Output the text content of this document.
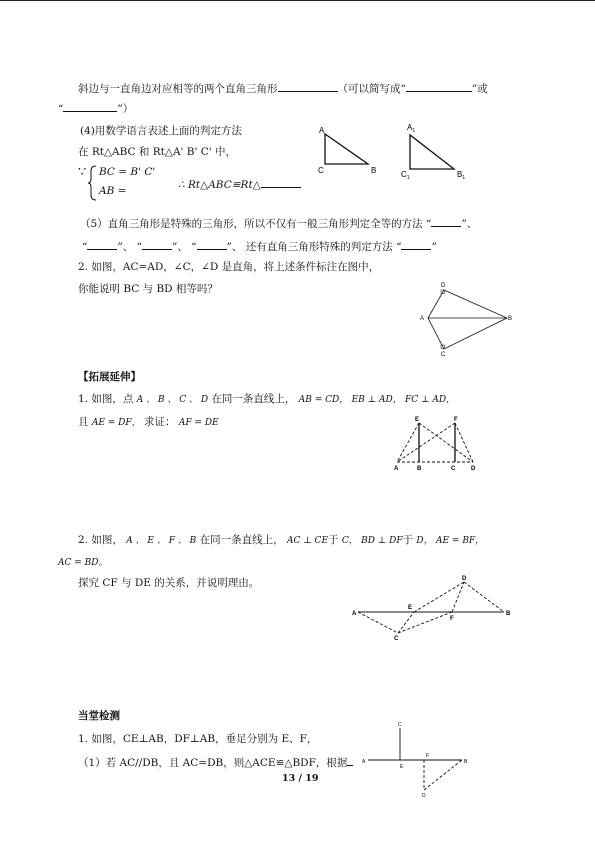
斜边与一直角边对应相等的两个直角三角形	（可以简写成“	”或
“	”）
(4)用数学语言表述上面的判定方法
在 Rt△ABC 和 Rt△A' B' C' 中，
∵ BC = B' C'
AB =	∴ Rt△ABC≌Rt△
A
C	B
$A_1$
$C_1$	$B_1$
（5）直角三角形是特殊的三角形，所以不仅有一般三角形判定全等的方法 “	”、
“	”、 “	”、 “	”、 还有直角三角形特殊的判定方法 “	”
2. 如图，AC=AD，∠C，∠D 是直角，将上述条件标注在图中，
你能说明 BC 与 BD 相等吗？
A
D
B
C
【拓展延伸】
1. 如图，点 A 、 B 、 C 、 D 在同一条直线上， AB = CD， EB ⊥ AD， FC ⊥ AD，
且 AE = DF， 求证： AF = DE
A	B	C	D
E	F
2. 如图， A 、 E 、 F 、 B 在同一条直线上， AC ⊥ CE于 C， BD ⊥ DF于 D， AE = BF，
AC = BD。
探究 CF 与 DE 的关系，并说明理由。
A	B
C
D
E
F
当堂检测
1. 如图，CE⊥AB，DF⊥AB，垂足分别为 E、F，
（1）若 AC//DB，且 AC=DB，则△ACE≌△BDF，根据	A	B
C
D
E
F
13 / 19
